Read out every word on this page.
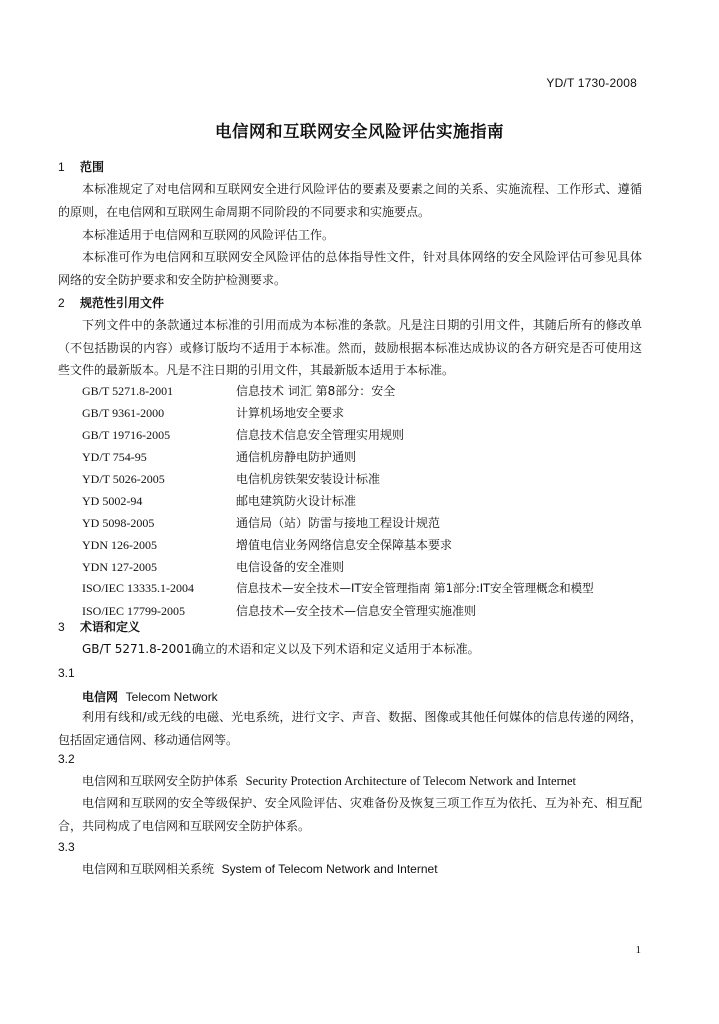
YD/T 1730-2008
电信网和互联网安全风险评估实施指南
1 范围
本标准规定了对电信网和互联网安全进行风险评估的要素及要素之间的关系、实施流程、工作形式、遵循的原则，在电信网和互联网生命周期不同阶段的不同要求和实施要点。
本标准适用于电信网和互联网的风险评估工作。
本标准可作为电信网和互联网安全风险评估的总体指导性文件，针对具体网络的安全风险评估可参见具体网络的安全防护要求和安全防护检测要求。
2 规范性引用文件
下列文件中的条款通过本标准的引用而成为本标准的条款。凡是注日期的引用文件，其随后所有的修改单（不包括勘误的内容）或修订版均不适用于本标准。然而，鼓励根据本标准达成协议的各方研究是否可使用这些文件的最新版本。凡是不注日期的引用文件，其最新版本适用于本标准。
GB/T 5271.8-2001	信息技术 词汇 第8部分：安全
GB/T 9361-2000	计算机场地安全要求
GB/T 19716-2005	信息技术信息安全管理实用规则
YD/T 754-95	通信机房静电防护通则
YD/T 5026-2005	电信机房铁架安装设计标准
YD 5002-94	邮电建筑防火设计标准
YD 5098-2005	通信局（站）防雷与接地工程设计规范
YDN 126-2005	增值电信业务网络信息安全保障基本要求
YDN 127-2005	电信设备的安全准则
ISO/IEC 13335.1-2004	信息技术—安全技术—IT安全管理指南 第1部分:IT安全管理概念和模型
ISO/IEC 17799-2005	信息技术—安全技术—信息安全管理实施准则
3 术语和定义
GB/T 5271.8-2001确立的术语和定义以及下列术语和定义适用于本标准。
3.1
电信网 Telecom Network
利用有线和/或无线的电磁、光电系统，进行文字、声音、数据、图像或其他任何媒体的信息传递的网络，包括固定通信网、移动通信网等。
3.2
电信网和互联网安全防护体系 Security Protection Architecture of Telecom Network and Internet
电信网和互联网的安全等级保护、安全风险评估、灾难备份及恢复三项工作互为依托、互为补充、相互配合，共同构成了电信网和互联网安全防护体系。
3.3
电信网和互联网相关系统 System of Telecom Network and Internet
1
